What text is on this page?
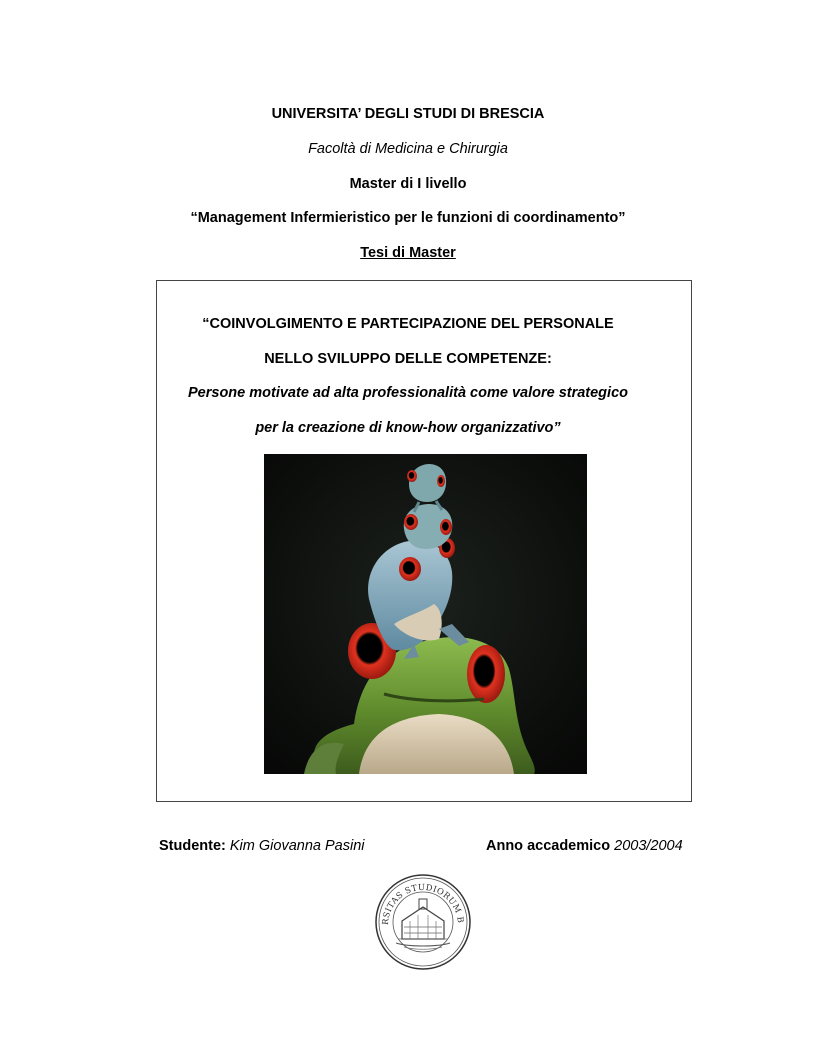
UNIVERSITA’ DEGLI STUDI DI BRESCIA
Facoltà di Medicina e Chirurgia
Master di I livello
“Management Infermieristico per le funzioni di coordinamento”
Tesi di Master
“COINVOLGIMENTO E PARTECIPAZIONE DEL PERSONALE
NELLO SVILUPPO DELLE COMPETENZE:
Persone motivate ad alta professionalità come valore strategico
per la creazione di know-how organizzativo”
Studente: Kim Giovanna Pasini	Anno accademico 2003/2004
RSITAS STUDIORUM B
